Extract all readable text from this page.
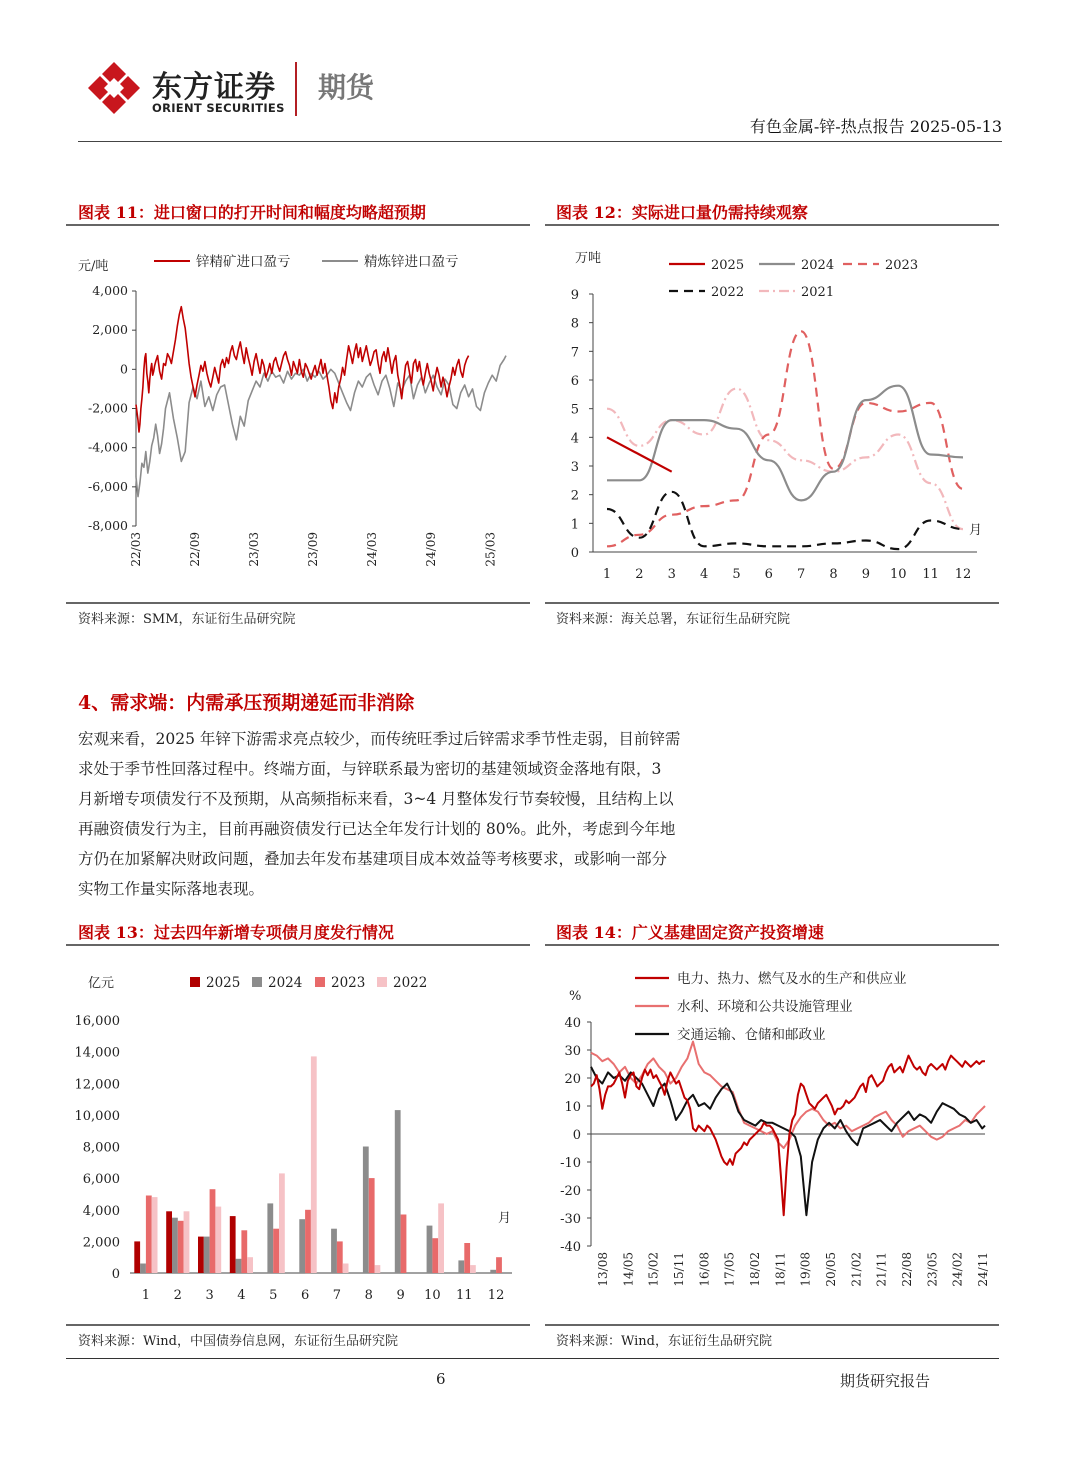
东方证券
ORIENT SECURITIES
期货
有色金属-锌-热点报告 2025-05-13
图表 11：进口窗口的打开时间和幅度均略超预期
元/吨
4,000
2,000
0
-2,000
-4,000
-6,000
-8,000
22/03	22/09	23/03	23/09	24/03	24/09	25/03
锌精矿进口盈亏	精炼锌进口盈亏
资料来源：SMM，东证衍生品研究院
图表 12：实际进口量仍需持续观察
万吨
9
8
7
6
5
4
3
2
1
0
1 2 3 4 5 6 7 8 9 10 11 12
月
2025	2024	2023
2022	2021
资料来源：海关总署，东证衍生品研究院
4、需求端：内需承压预期递延而非消除
宏观来看，2025 年锌下游需求亮点较少，而传统旺季过后锌需求季节性走弱，目前锌需
求处于季节性回落过程中。终端方面，与锌联系最为密切的基建领域资金落地有限，3
月新增专项债发行不及预期，从高频指标来看，3~4 月整体发行节奏较慢，且结构上以
再融资债发行为主，目前再融资债发行已达全年发行计划的 80%。此外，考虑到今年地
方仍在加紧解决财政问题，叠加去年发布基建项目成本效益等考核要求，或影响一部分
实物工作量实际落地表现。
图表 13：过去四年新增专项债月度发行情况
亿元
16,000
14,000
12,000
10,000
8,000
6,000
4,000
2,000
0
2025 2024 2023 2022
1 2 3 4 5 6 7 8 9 10 11 12
月
资料来源：Wind，中国债券信息网，东证衍生品研究院
图表 14：广义基建固定资产投资增速
%
40
30
20
10
0
-10
-20
-30
-40
13/08 14/05 15/02 15/11 16/08 17/05 18/02 18/11 19/08 20/05 21/02 21/11 22/08 23/05 24/02 24/11
电力、热力、燃气及水的生产和供应业
水利、环境和公共设施管理业
交通运输、仓储和邮政业
资料来源：Wind，东证衍生品研究院
6	期货研究报告
